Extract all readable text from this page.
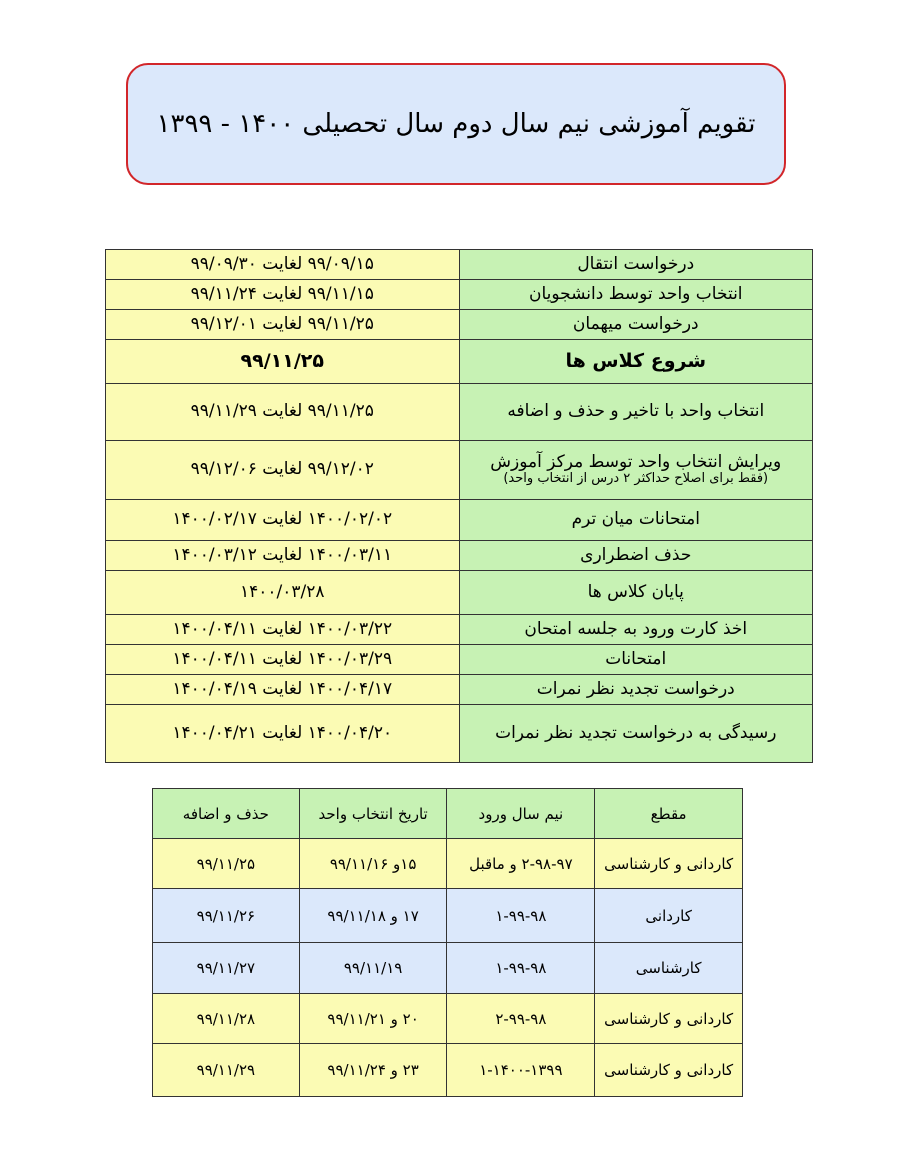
تقویم آموزشی نیم سال دوم سال تحصیلی ۱۴۰۰ - ۱۳۹۹
درخواست انتقال	۹۹/۰۹/۱۵ لغایت ۹۹/۰۹/۳۰
انتخاب واحد توسط دانشجویان	۹۹/۱۱/۱۵ لغایت ۹۹/۱۱/۲۴
درخواست میهمان	۹۹/۱۱/۲۵ لغایت ۹۹/۱۲/۰۱
شروع کلاس ها	۹۹/۱۱/۲۵
انتخاب واحد با تاخیر و حذف و اضافه	۹۹/۱۱/۲۵ لغایت ۹۹/۱۱/۲۹
ویرایش انتخاب واحد توسط مرکز آموزش
(فقط برای اصلاح حداکثر ۲ درس از انتخاب واحد)	۹۹/۱۲/۰۲ لغایت ۹۹/۱۲/۰۶
امتحانات میان ترم	۱۴۰۰/۰۲/۰۲ لغایت ۱۴۰۰/۰۲/۱۷
حذف اضطراری	۱۴۰۰/۰۳/۱۱ لغایت ۱۴۰۰/۰۳/۱۲
پایان کلاس ها	۱۴۰۰/۰۳/۲۸
اخذ کارت ورود به جلسه امتحان	۱۴۰۰/۰۳/۲۲ لغایت ۱۴۰۰/۰۴/۱۱
امتحانات	۱۴۰۰/۰۳/۲۹ لغایت ۱۴۰۰/۰۴/۱۱
درخواست تجدید نظر نمرات	۱۴۰۰/۰۴/۱۷ لغایت ۱۴۰۰/۰۴/۱۹
رسیدگی به درخواست تجدید نظر نمرات	۱۴۰۰/۰۴/۲۰ لغایت ۱۴۰۰/۰۴/۲۱
مقطع	نیم سال ورود	تاریخ انتخاب واحد	حذف و اضافه
کاردانی و کارشناسی	۲-۹۸-۹۷ و ماقبل	۱۵و ۹۹/۱۱/۱۶	۹۹/۱۱/۲۵
کاردانی	۱-۹۹-۹۸	۱۷ و ۹۹/۱۱/۱۸	۹۹/۱۱/۲۶
کارشناسی	۱-۹۹-۹۸	۹۹/۱۱/۱۹	۹۹/۱۱/۲۷
کاردانی و کارشناسی	۲-۹۹-۹۸	۲۰ و ۹۹/۱۱/۲۱	۹۹/۱۱/۲۸
کاردانی و کارشناسی	۱-۱۴۰۰-۱۳۹۹	۲۳ و ۹۹/۱۱/۲۴	۹۹/۱۱/۲۹
